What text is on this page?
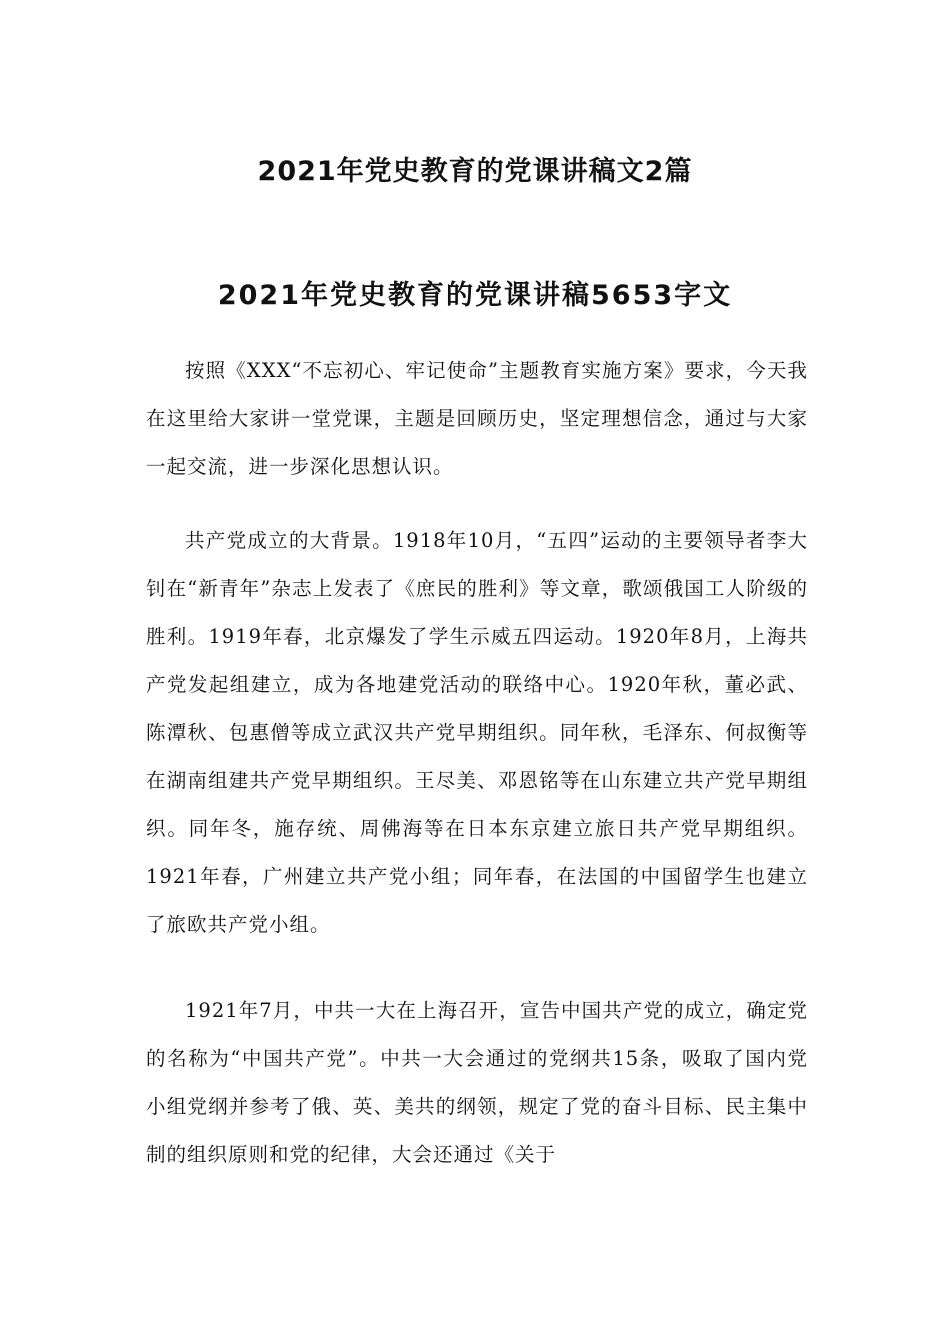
2021年党史教育的党课讲稿文2篇
2021年党史教育的党课讲稿5653字文

按照《XXX“不忘初心、牢记使命”主题教育实施方案》要求，今天我在这里给大家讲一堂党课，主题是回顾历史，坚定理想信念，通过与大家一起交流，进一步深化思想认识。

共产党成立的大背景。1918年10月，“五四”运动的主要领导者李大钊在“新青年”杂志上发表了《庶民的胜利》等文章，歌颂俄国工人阶级的胜利。1919年春，北京爆发了学生示威五四运动。1920年8月，上海共产党发起组建立，成为各地建党活动的联络中心。1920年秋，董必武、陈潭秋、包惠僧等成立武汉共产党早期组织。同年秋，毛泽东、何叔衡等在湖南组建共产党早期组织。王尽美、邓恩铭等在山东建立共产党早期组织。同年冬，施存统、周佛海等在日本东京建立旅日共产党早期组织。1921年春，广州建立共产党小组；同年春，在法国的中国留学生也建立了旅欧共产党小组。

1921年7月，中共一大在上海召开，宣告中国共产党的成立，确定党的名称为“中国共产党”。中共一大会通过的党纲共15条，吸取了国内党小组党纲并参考了俄、英、美共的纲领，规定了党的奋斗目标、民主集中制的组织原则和党的纪律，大会还通过《关于
